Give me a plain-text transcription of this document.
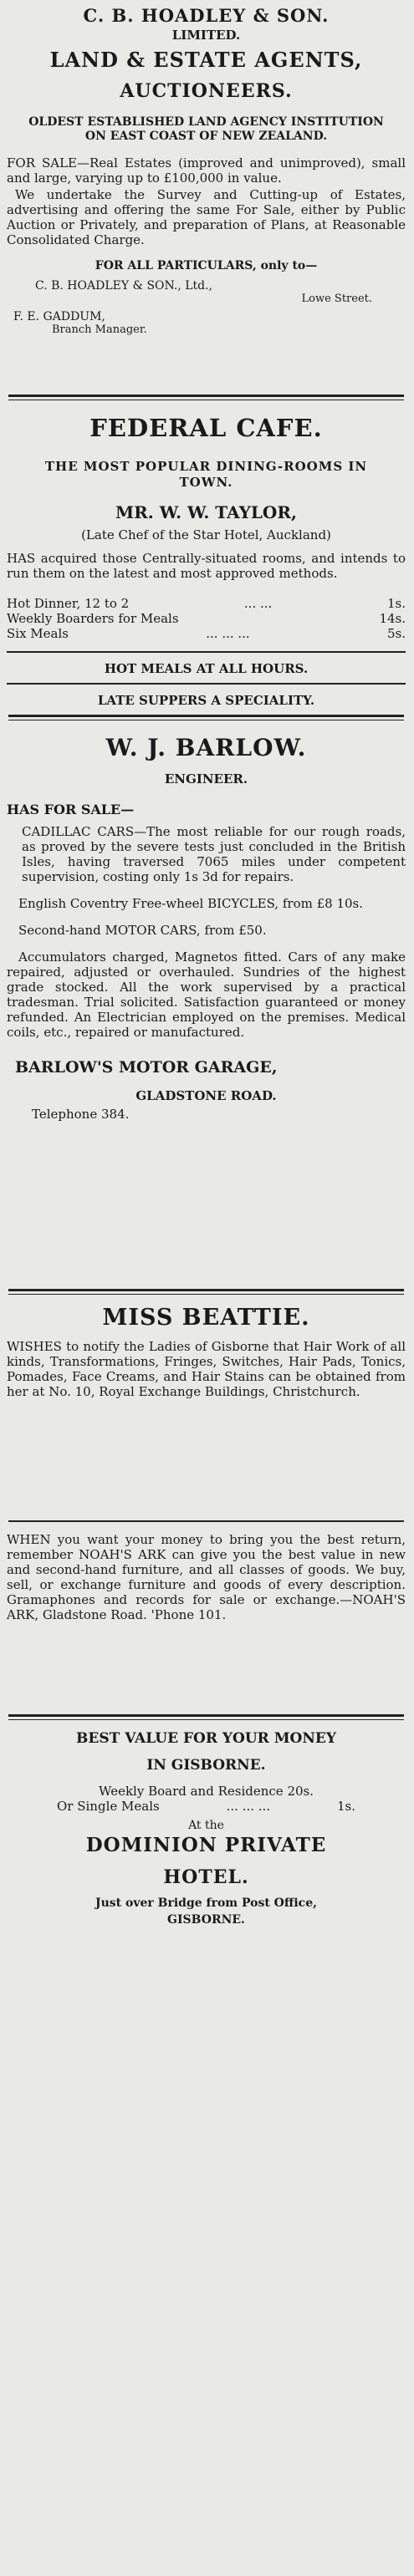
C. B. HOADLEY & SON.
LIMITED.
LAND & ESTATE AGENTS,
AUCTIONEERS.
OLDEST ESTABLISHED LAND AGENCY INSTITUTION ON EAST COAST OF NEW ZEALAND.

FOR SALE—Real Estates (improved and unimproved), small and large, varying up to £100,000 in value.

We undertake the Survey and Cutting-up of Estates, advertising and offering the same For Sale, either by Public Auction or Privately, and preparation of Plans, at Reasonable Consolidated Charge.

FOR ALL PARTICULARS, only to—
C. B. HOADLEY & SON., Ltd.,
Lowe Street.
F. E. GADDUM,
Branch Manager.
FEDERAL CAFE.
THE MOST POPULAR DINING-ROOMS IN TOWN.
MR. W. W. TAYLOR,
(Late Chef of the Star Hotel, Auckland)

HAS acquired those Centrally-situated rooms, and intends to run them on the latest and most approved methods.

Hot Dinner, 12 to 2	... ...	1s.
Weekly Boarders for Meals	14s.
Six Meals	... ... ...	5s.
HOT MEALS AT ALL HOURS.
LATE SUPPERS A SPECIALITY.
W. J. BARLOW.
ENGINEER.
HAS FOR SALE—

CADILLAC CARS—The most reliable for our rough roads, as proved by the severe tests just concluded in the British Isles, having traversed 7065 miles under competent supervision, costing only 1s 3d for repairs.

English Coventry Free-wheel BICYCLES, from £8 10s.

Second-hand MOTOR CARS, from £50.

Accumulators charged, Magnetos fitted. Cars of any make repaired, adjusted or overhauled. Sundries of the highest grade stocked. All the work supervised by a practical tradesman. Trial solicited. Satisfaction guaranteed or money refunded. An Electrician employed on the premises. Medical coils, etc., repaired or manufactured.

BARLOW'S MOTOR GARAGE,
GLADSTONE ROAD.
Telephone 384.
MISS BEATTIE.

WISHES to notify the Ladies of Gisborne that Hair Work of all kinds, Transformations, Fringes, Switches, Hair Pads, Tonics, Pomades, Face Creams, and Hair Stains can be obtained from her at No. 10, Royal Exchange Buildings, Christchurch.

WHEN you want your money to bring you the best return, remember NOAH'S ARK can give you the best value in new and second-hand furniture, and all classes of goods. We buy, sell, or exchange furniture and goods of every description. Gramaphones and records for sale or exchange.—NOAH'S ARK, Gladstone Road. 'Phone 101.

BEST VALUE FOR YOUR MONEY
IN GISBORNE.
Weekly Board and Residence 20s.
Or Single Meals	... ... ...	1s.
At the
DOMINION PRIVATE
HOTEL.
Just over Bridge from Post Office,
GISBORNE.
